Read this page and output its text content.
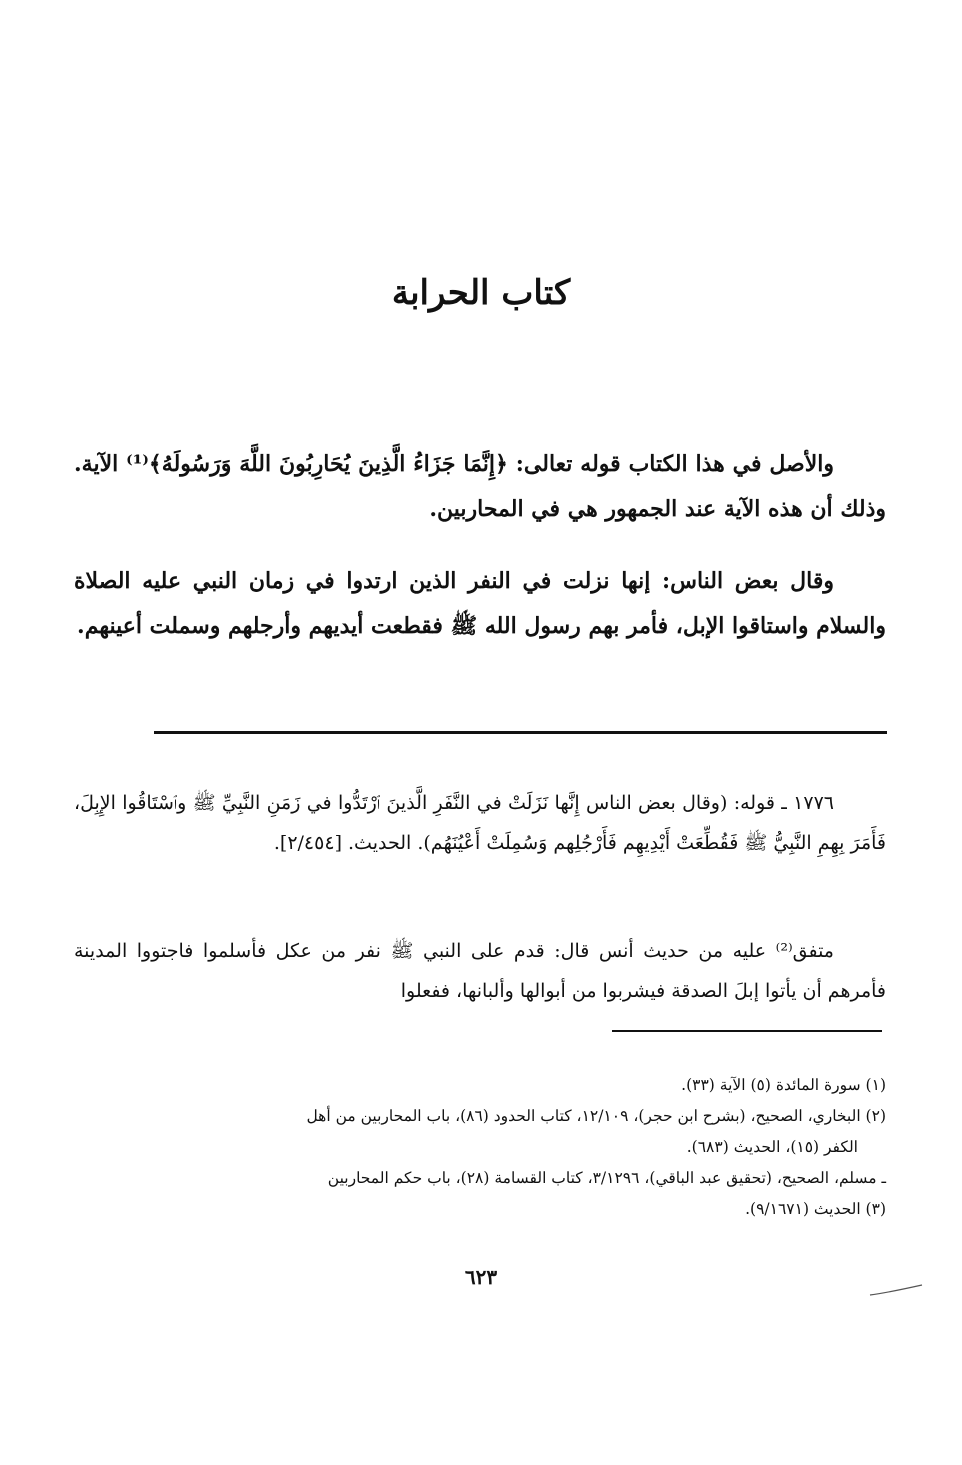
كتاب الحرابة

والأصل في هذا الكتاب قوله تعالى: ﴿إِنَّمَا جَزَاءُ الَّذِينَ يُحَارِبُونَ اللَّهَ وَرَسُولَهُ﴾⁽¹⁾ الآية. وذلك أن هذه الآية عند الجمهور هي في المحاربين.

وقال بعض الناس: إنها نزلت في النفر الذين ارتدوا في زمان النبي عليه الصلاة والسلام واستاقوا الإبل، فأمر بهم رسول الله ﷺ فقطعت أيديهم وأرجلهم وسملت أعينهم.

١٧٧٦ ـ قوله: (وقال بعض الناس إِنَّها نَزَلَتْ في النَّفَرِ الَّذينَ ٱرْتَدُّوا في زَمَنِ النَّبِيِّ ﷺ وٱسْتَاقُوا الإِبِلَ، فَأَمَرَ بِهِمِ النَّبِيُّ ﷺ فَقُطِّعَتْ أَيْدِيهِم فَأَرْجُلِهم وَسُمِلَتْ أَعْيُنَهُم). الحديث. [٢/٤٥٤].

متفق⁽²⁾ عليه من حديث أنس قال: قدم على النبي ﷺ نفر من عكل فأسلموا فاجتووا المدينة فأمرهم أن يأتوا إبلَ الصدقة فيشربوا من أبوالها وألبانها، ففعلوا

(١) سورة المائدة (٥) الآية (٣٣).
(٢) البخاري، الصحيح، (بشرح ابن حجر)، ١٢/١٠٩، كتاب الحدود (٨٦)، باب المحاربين من أهل
الكفر (١٥)، الحديث (٦٨٣).
ـ مسلم، الصحيح، (تحقيق عبد الباقي)، ٣/١٢٩٦، كتاب القسامة (٢٨)، باب حكم المحاربين
(٣) الحديث (٩/١٦٧١).
٦٢٣
